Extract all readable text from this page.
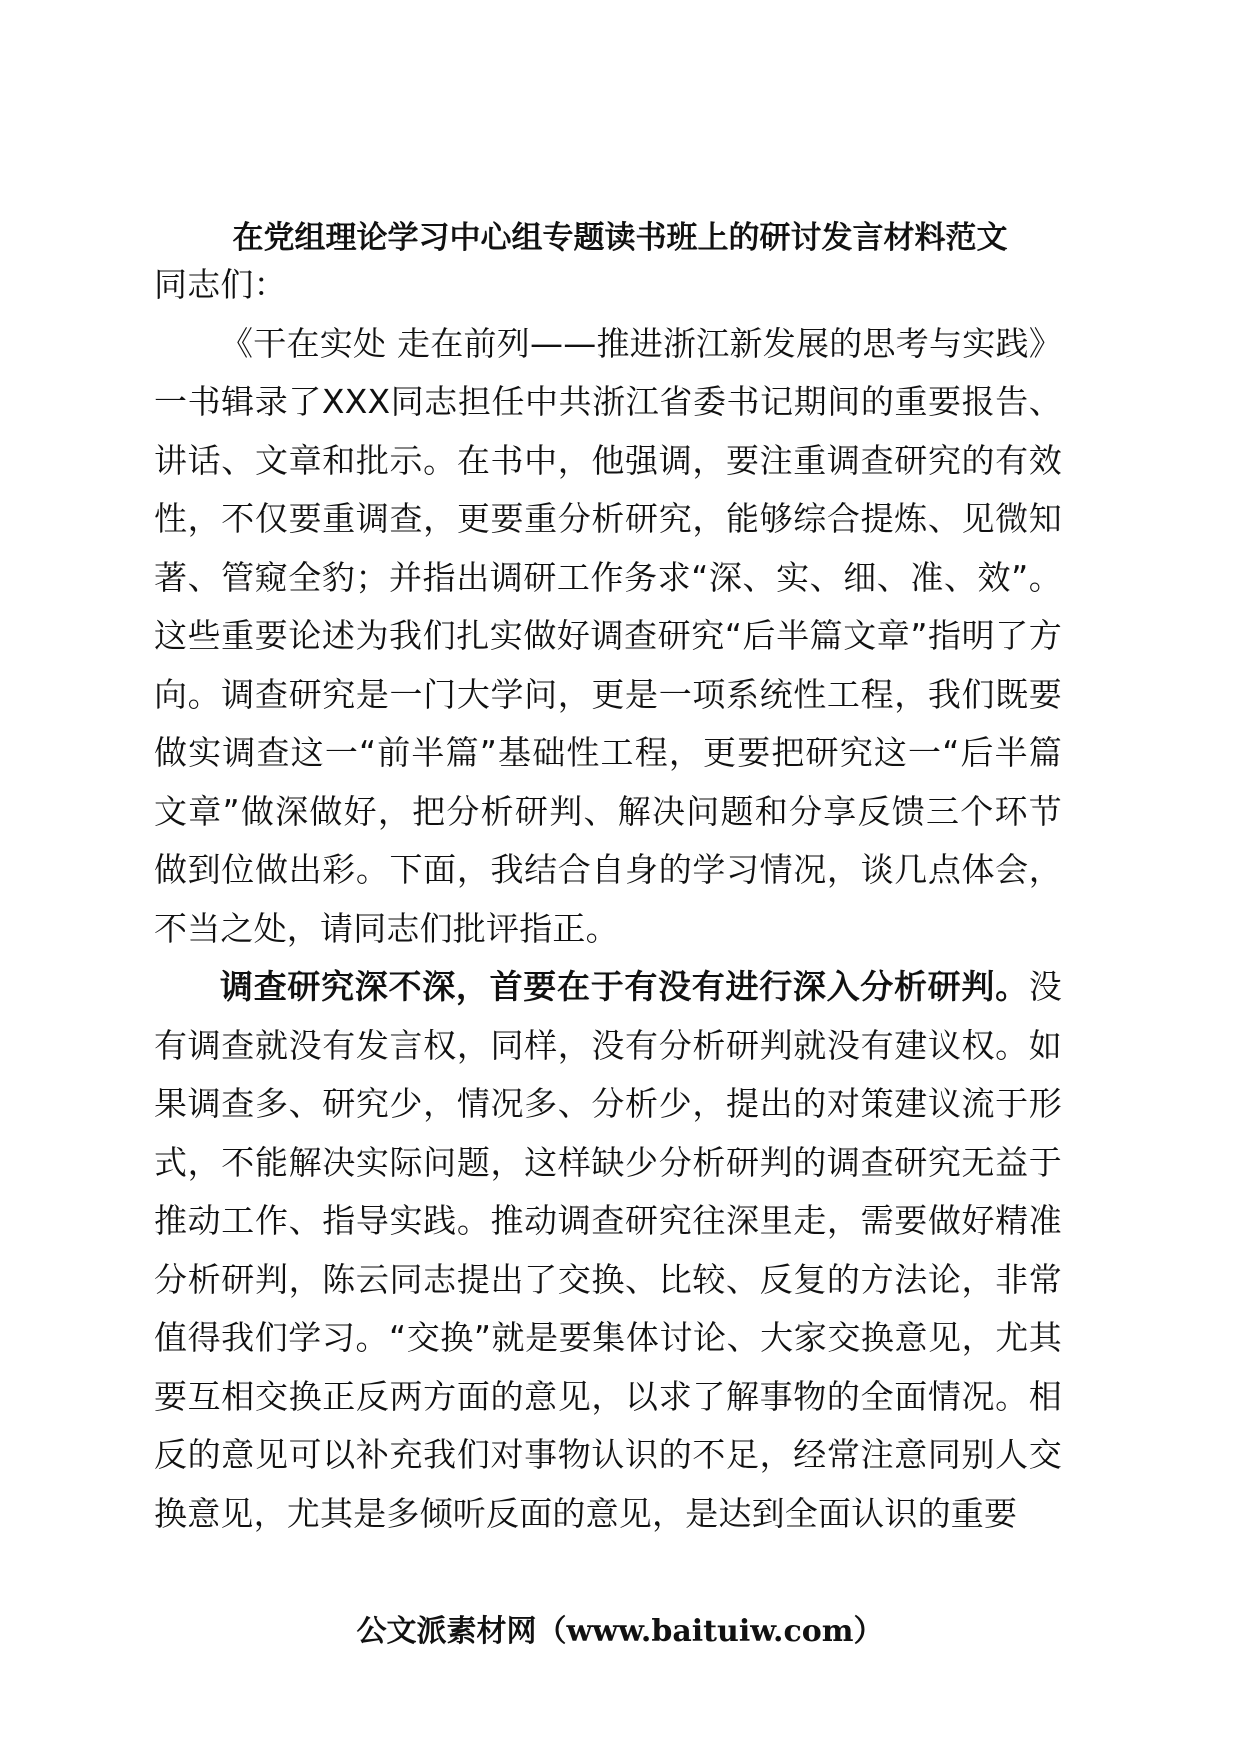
在党组理论学习中心组专题读书班上的研讨发言材料范文

同志们：

《干在实处 走在前列——推进浙江新发展的思考与实践》一书辑录了XXX同志担任中共浙江省委书记期间的重要报告、讲话、文章和批示。在书中，他强调，要注重调查研究的有效性，不仅要重调查，更要重分析研究，能够综合提炼、见微知著、管窥全豹；并指出调研工作务求“深、实、细、准、效”。这些重要论述为我们扎实做好调查研究“后半篇文章”指明了方向。调查研究是一门大学问，更是一项系统性工程，我们既要做实调查这一“前半篇”基础性工程，更要把研究这一“后半篇文章”做深做好，把分析研判、解决问题和分享反馈三个环节做到位做出彩。下面，我结合自身的学习情况，谈几点体会，不当之处，请同志们批评指正。

调查研究深不深，首要在于有没有进行深入分析研判。没有调查就没有发言权，同样，没有分析研判就没有建议权。如果调查多、研究少，情况多、分析少，提出的对策建议流于形式，不能解决实际问题，这样缺少分析研判的调查研究无益于推动工作、指导实践。推动调查研究往深里走，需要做好精准分析研判，陈云同志提出了交换、比较、反复的方法论，非常值得我们学习。“交换”就是要集体讨论、大家交换意见，尤其要互相交换正反两方面的意见，以求了解事物的全面情况。相反的意见可以补充我们对事物认识的不足，经常注意同别人交换意见，尤其是多倾听反面的意见，是达到全面认识的重要

公文派素材网（www.baituiw.com）
